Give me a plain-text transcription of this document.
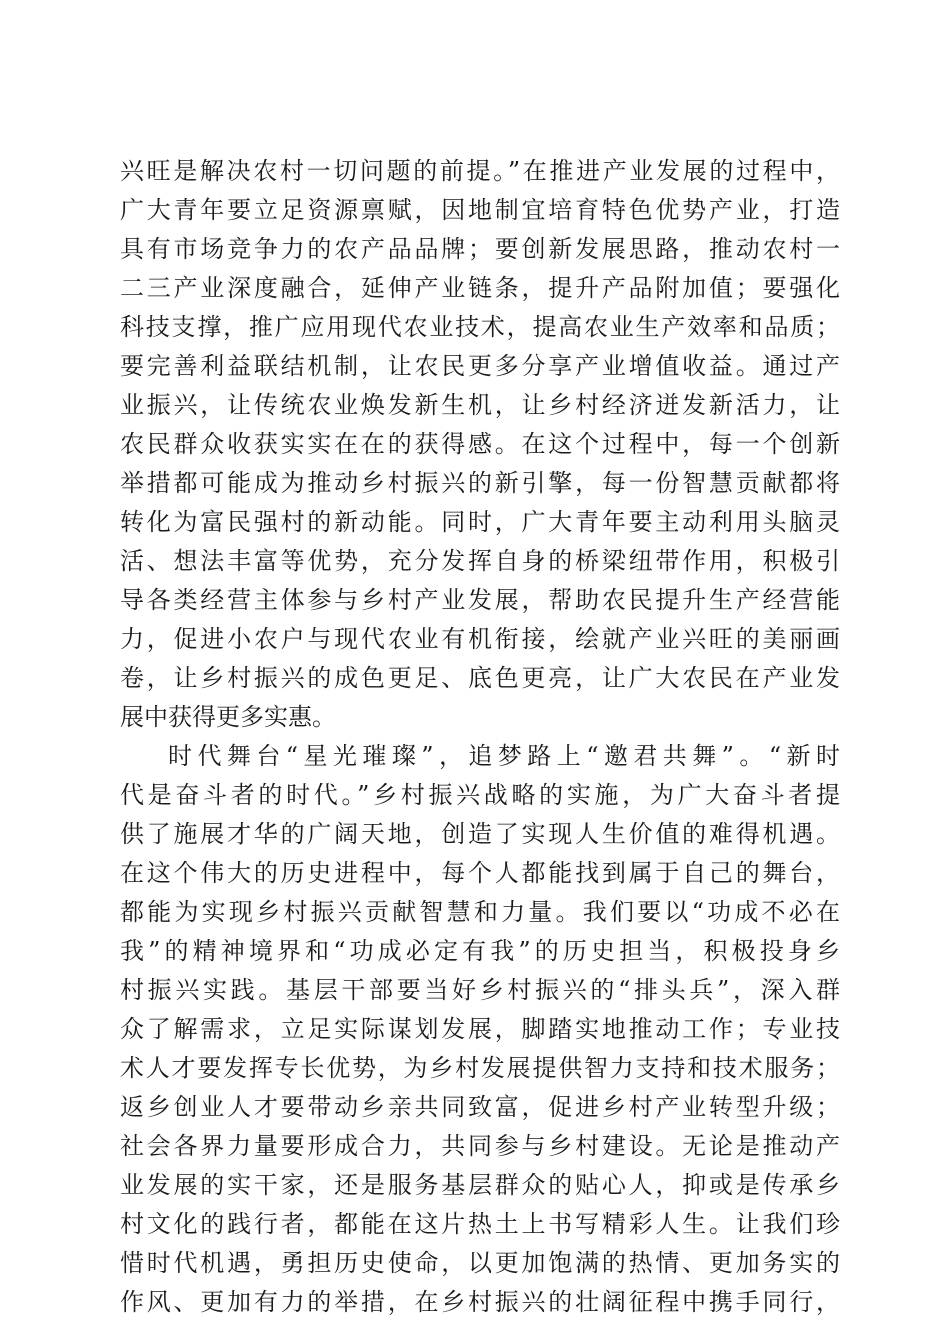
兴旺是解决农村一切问题的前提。”在推进产业发展的过程中，
广大青年要立足资源禀赋，因地制宜培育特色优势产业，打造
具有市场竞争力的农产品品牌；要创新发展思路，推动农村一
二三产业深度融合，延伸产业链条，提升产品附加值；要强化
科技支撑，推广应用现代农业技术，提高农业生产效率和品质；
要完善利益联结机制，让农民更多分享产业增值收益。通过产
业振兴，让传统农业焕发新生机，让乡村经济迸发新活力，让
农民群众收获实实在在的获得感。在这个过程中，每一个创新
举措都可能成为推动乡村振兴的新引擎，每一份智慧贡献都将
转化为富民强村的新动能。同时，广大青年要主动利用头脑灵
活、想法丰富等优势，充分发挥自身的桥梁纽带作用，积极引
导各类经营主体参与乡村产业发展，帮助农民提升生产经营能
力，促进小农户与现代农业有机衔接，绘就产业兴旺的美丽画
卷，让乡村振兴的成色更足、底色更亮，让广大农民在产业发
展中获得更多实惠。
时代舞台“星光璀璨”，追梦路上“邀君共舞”。“新时
代是奋斗者的时代。”乡村振兴战略的实施，为广大奋斗者提
供了施展才华的广阔天地，创造了实现人生价值的难得机遇。
在这个伟大的历史进程中，每个人都能找到属于自己的舞台，
都能为实现乡村振兴贡献智慧和力量。我们要以“功成不必在
我”的精神境界和“功成必定有我”的历史担当，积极投身乡
村振兴实践。基层干部要当好乡村振兴的“排头兵”，深入群
众了解需求，立足实际谋划发展，脚踏实地推动工作；专业技
术人才要发挥专长优势，为乡村发展提供智力支持和技术服务；
返乡创业人才要带动乡亲共同致富，促进乡村产业转型升级；
社会各界力量要形成合力，共同参与乡村建设。无论是推动产
业发展的实干家，还是服务基层群众的贴心人，抑或是传承乡
村文化的践行者，都能在这片热土上书写精彩人生。让我们珍
惜时代机遇，勇担历史使命，以更加饱满的热情、更加务实的
作风、更加有力的举措，在乡村振兴的壮阔征程中携手同行，
